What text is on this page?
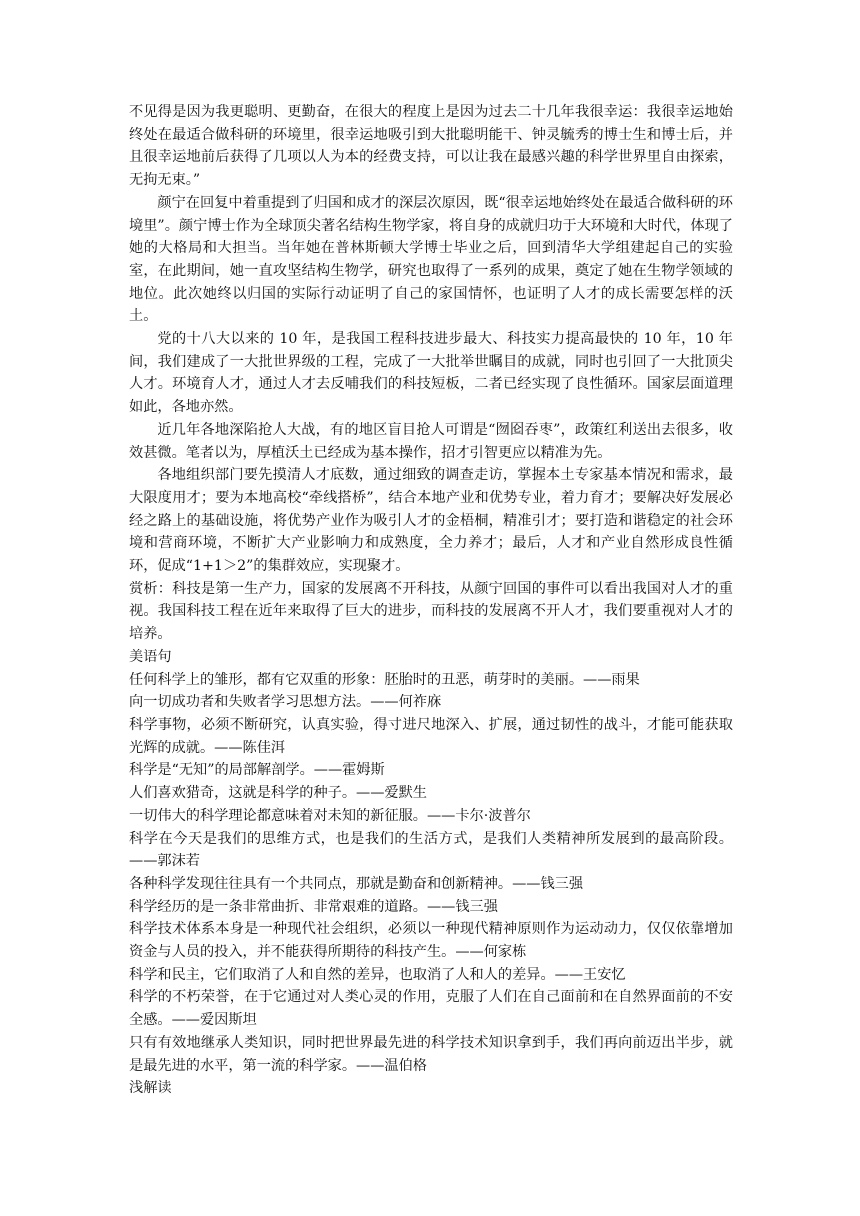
不见得是因为我更聪明、更勤奋，在很大的程度上是因为过去二十几年我很幸运：我很幸运地始终处在最适合做科研的环境里，很幸运地吸引到大批聪明能干、钟灵毓秀的博士生和博士后，并且很幸运地前后获得了几项以人为本的经费支持，可以让我在最感兴趣的科学世界里自由探索，无拘无束。”

颜宁在回复中着重提到了归国和成才的深层次原因，既“很幸运地始终处在最适合做科研的环境里”。颜宁博士作为全球顶尖著名结构生物学家，将自身的成就归功于大环境和大时代，体现了她的大格局和大担当。当年她在普林斯顿大学博士毕业之后，回到清华大学组建起自己的实验室，在此期间，她一直攻坚结构生物学，研究也取得了一系列的成果，奠定了她在生物学领域的地位。此次她终以归国的实际行动证明了自己的家国情怀，也证明了人才的成长需要怎样的沃土。

党的十八大以来的 10 年，是我国工程科技进步最大、科技实力提高最快的 10 年，10 年间，我们建成了一大批世界级的工程，完成了一大批举世瞩目的成就，同时也引回了一大批顶尖人才。环境育人才，通过人才去反哺我们的科技短板，二者已经实现了良性循环。国家层面道理如此，各地亦然。

近几年各地深陷抢人大战，有的地区盲目抢人可谓是“囫囵吞枣”，政策红利送出去很多，收效甚微。笔者以为，厚植沃土已经成为基本操作，招才引智更应以精准为先。

各地组织部门要先摸清人才底数，通过细致的调查走访，掌握本土专家基本情况和需求，最大限度用才；要为本地高校“牵线搭桥”，结合本地产业和优势专业，着力育才；要解决好发展必经之路上的基础设施，将优势产业作为吸引人才的金梧桐，精准引才；要打造和谐稳定的社会环境和营商环境，不断扩大产业影响力和成熟度，全力养才；最后，人才和产业自然形成良性循环，促成“1+1＞2”的集群效应，实现聚才。

赏析：科技是第一生产力，国家的发展离不开科技，从颜宁回国的事件可以看出我国对人才的重视。我国科技工程在近年来取得了巨大的进步，而科技的发展离不开人才，我们要重视对人才的培养。

美语句

任何科学上的雏形，都有它双重的形象：胚胎时的丑恶，萌芽时的美丽。——雨果

向一切成功者和失败者学习思想方法。——何祚庥

科学事物，必须不断研究，认真实验，得寸进尺地深入、扩展，通过韧性的战斗，才能可能获取光辉的成就。——陈佳洱

科学是“无知”的局部解剖学。——霍姆斯

人们喜欢猎奇，这就是科学的种子。——爱默生

一切伟大的科学理论都意味着对未知的新征服。——卡尔·波普尔

科学在今天是我们的思维方式，也是我们的生活方式，是我们人类精神所发展到的最高阶段。——郭沫若

各种科学发现往往具有一个共同点，那就是勤奋和创新精神。——钱三强

科学经历的是一条非常曲折、非常艰难的道路。——钱三强

科学技术体系本身是一种现代社会组织，必须以一种现代精神原则作为运动动力，仅仅依靠增加资金与人员的投入，并不能获得所期待的科技产生。——何家栋

科学和民主，它们取消了人和自然的差异，也取消了人和人的差异。——王安忆

科学的不朽荣誉，在于它通过对人类心灵的作用，克服了人们在自己面前和在自然界面前的不安全感。——爱因斯坦

只有有效地继承人类知识，同时把世界最先进的科学技术知识拿到手，我们再向前迈出半步，就是最先进的水平，第一流的科学家。——温伯格

浅解读
